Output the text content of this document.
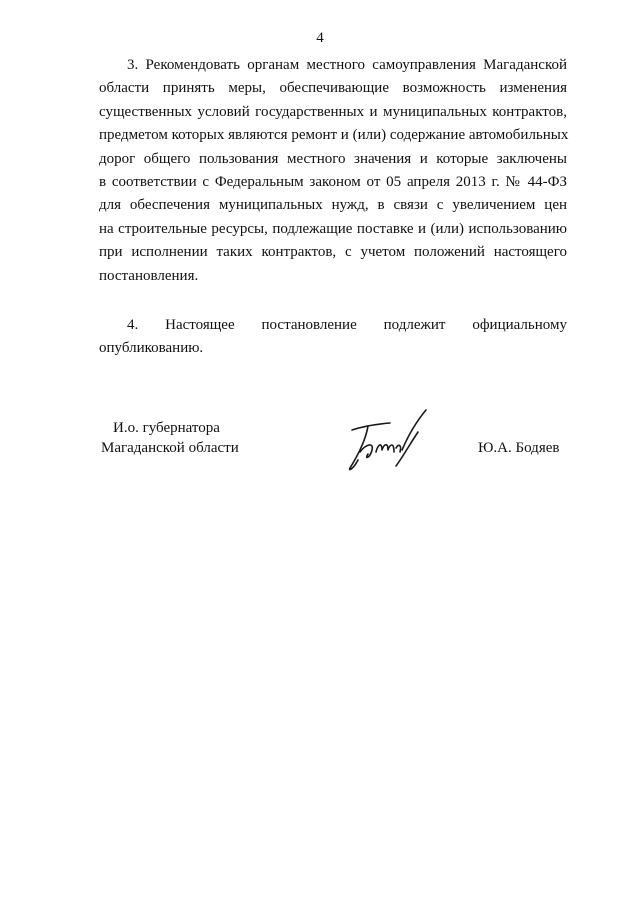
4
3. Рекомендовать органам местного самоуправления Магаданской
области принять меры, обеспечивающие возможность изменения
существенных условий государственных и муниципальных контрактов,
предметом которых являются ремонт и (или) содержание автомобильных
дорог общего пользования местного значения и которые заключены
в соответствии с Федеральным законом от 05 апреля 2013 г. № 44-ФЗ
для обеспечения муниципальных нужд, в связи с увеличением цен
на строительные ресурсы, подлежащие поставке и (или) использованию
при исполнении таких контрактов, с учетом положений настоящего
постановления.
4. Настоящее постановление подлежит официальному
опубликованию.
И.о. губернатора
Магаданской области	Ю.А. Бодяев
